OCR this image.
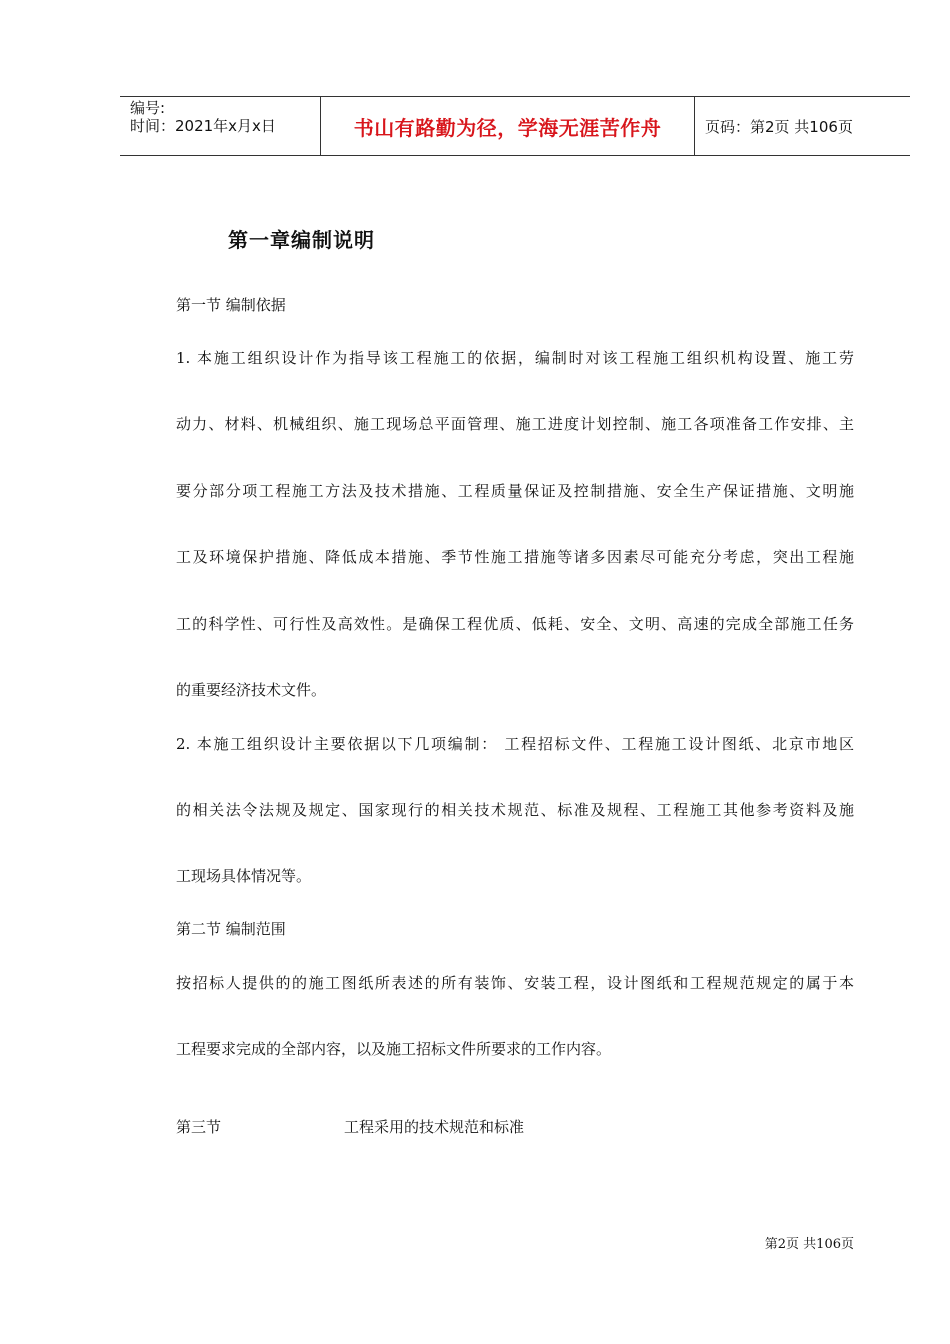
编号:
时间：2021年x月x日	书山有路勤为径，学海无涯苦作舟	页码：第2页 共106页
第一章编制说明
第一节 编制依据
1. 本施工组织设计作为指导该工程施工的依据，编制时对该工程施工组织机构设置、施工劳
动力、材料、机械组织、施工现场总平面管理、施工进度计划控制、施工各项准备工作安排、主
要分部分项工程施工方法及技术措施、工程质量保证及控制措施、安全生产保证措施、文明施
工及环境保护措施、降低成本措施、季节性施工措施等诸多因素尽可能充分考虑，突出工程施
工的科学性、可行性及高效性。是确保工程优质、低耗、安全、文明、高速的完成全部施工任务
的重要经济技术文件。
2. 本施工组织设计主要依据以下几项编制： 工程招标文件、工程施工设计图纸、北京市地区
的相关法令法规及规定、国家现行的相关技术规范、标准及规程、工程施工其他参考资料及施
工现场具体情况等。
第二节 编制范围
按招标人提供的的施工图纸所表述的所有装饰、安装工程，设计图纸和工程规范规定的属于本
工程要求完成的全部内容，以及施工招标文件所要求的工作内容。
第三节	工程采用的技术规范和标准
第2页 共106页
